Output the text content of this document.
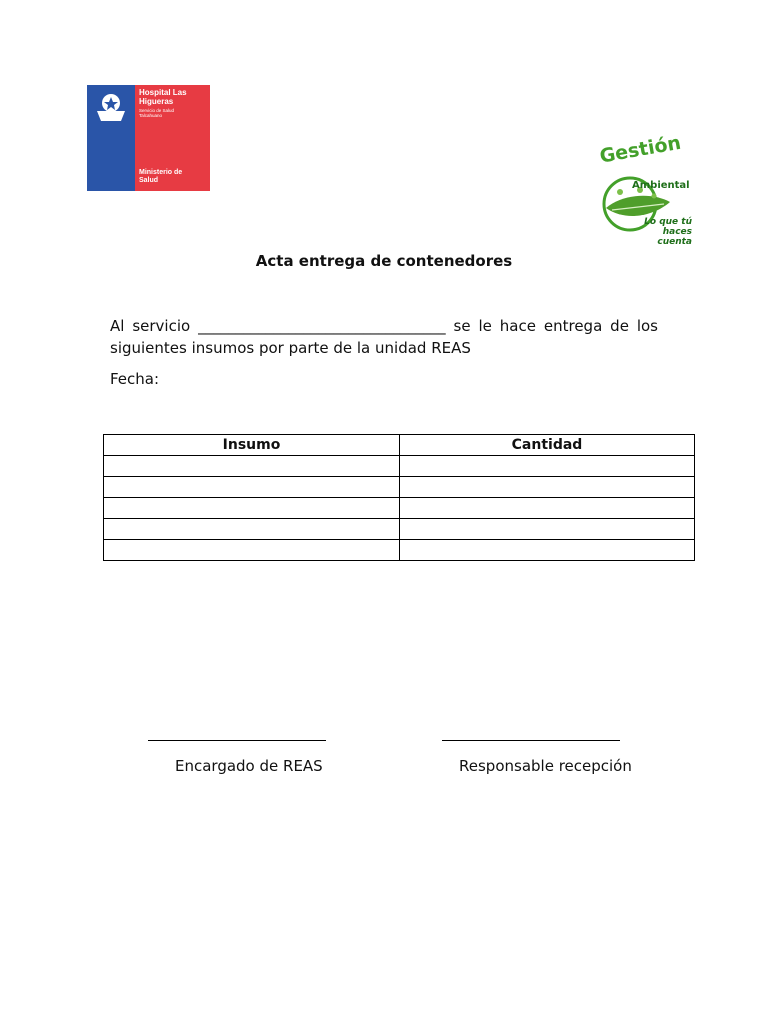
Hospital Las
Higueras
Servicio de Salud
Talcahuano
Ministerio de
Salud
Gestión
Ambiental
Lo que tú
haces cuenta
Acta entrega de contenedores
Al servicio _________________________________ se le hace entrega de los siguientes insumos por parte de la unidad REAS
Fecha:
Insumo	Cantidad

Encargado de REAS	Responsable recepción
